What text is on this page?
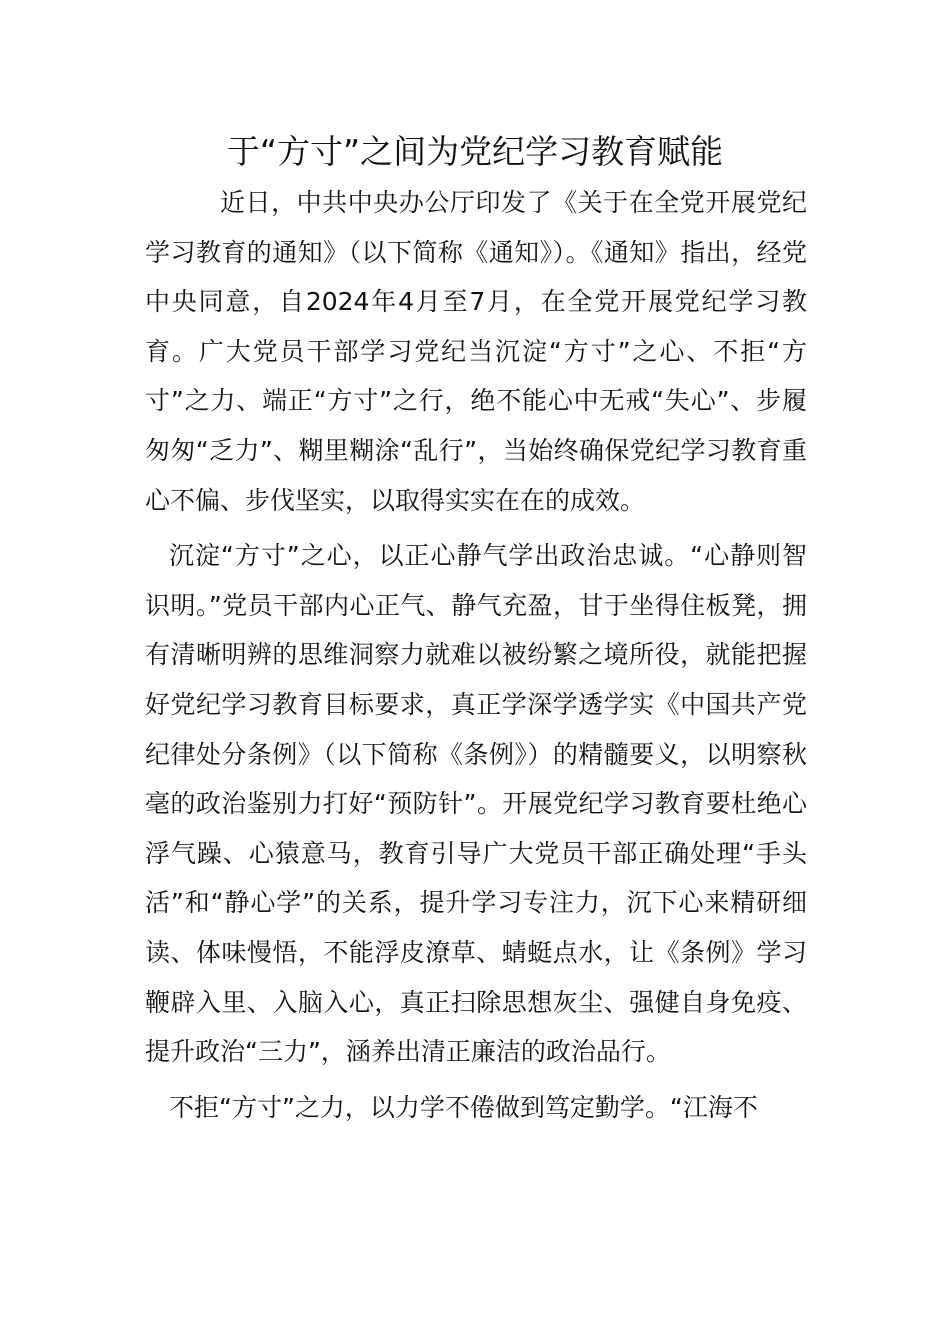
于“方寸”之间为党纪学习教育赋能

近日，中共中央办公厅印发了《关于在全党开展党纪学习教育的通知》（以下简称《通知》）。《通知》指出，经党中央同意，自2024年4月至7月，在全党开展党纪学习教育。广大党员干部学习党纪当沉淀“方寸”之心、不拒“方寸”之力、端正“方寸”之行，绝不能心中无戒“失心”、步履匆匆“乏力”、糊里糊涂“乱行”，当始终确保党纪学习教育重心不偏、步伐坚实，以取得实实在在的成效。

沉淀“方寸”之心，以正心静气学出政治忠诚。“心静则智识明。”党员干部内心正气、静气充盈，甘于坐得住板凳，拥有清晰明辨的思维洞察力就难以被纷繁之境所役，就能把握好党纪学习教育目标要求，真正学深学透学实《中国共产党纪律处分条例》（以下简称《条例》）的精髓要义，以明察秋毫的政治鉴别力打好“预防针”。开展党纪学习教育要杜绝心浮气躁、心猿意马，教育引导广大党员干部正确处理“手头活”和“静心学”的关系，提升学习专注力，沉下心来精研细读、体味慢悟，不能浮皮潦草、蜻蜓点水，让《条例》学习鞭辟入里、入脑入心，真正扫除思想灰尘、强健自身免疫、提升政治“三力”，涵养出清正廉洁的政治品行。

不拒“方寸”之力，以力学不倦做到笃定勤学。“江海不
